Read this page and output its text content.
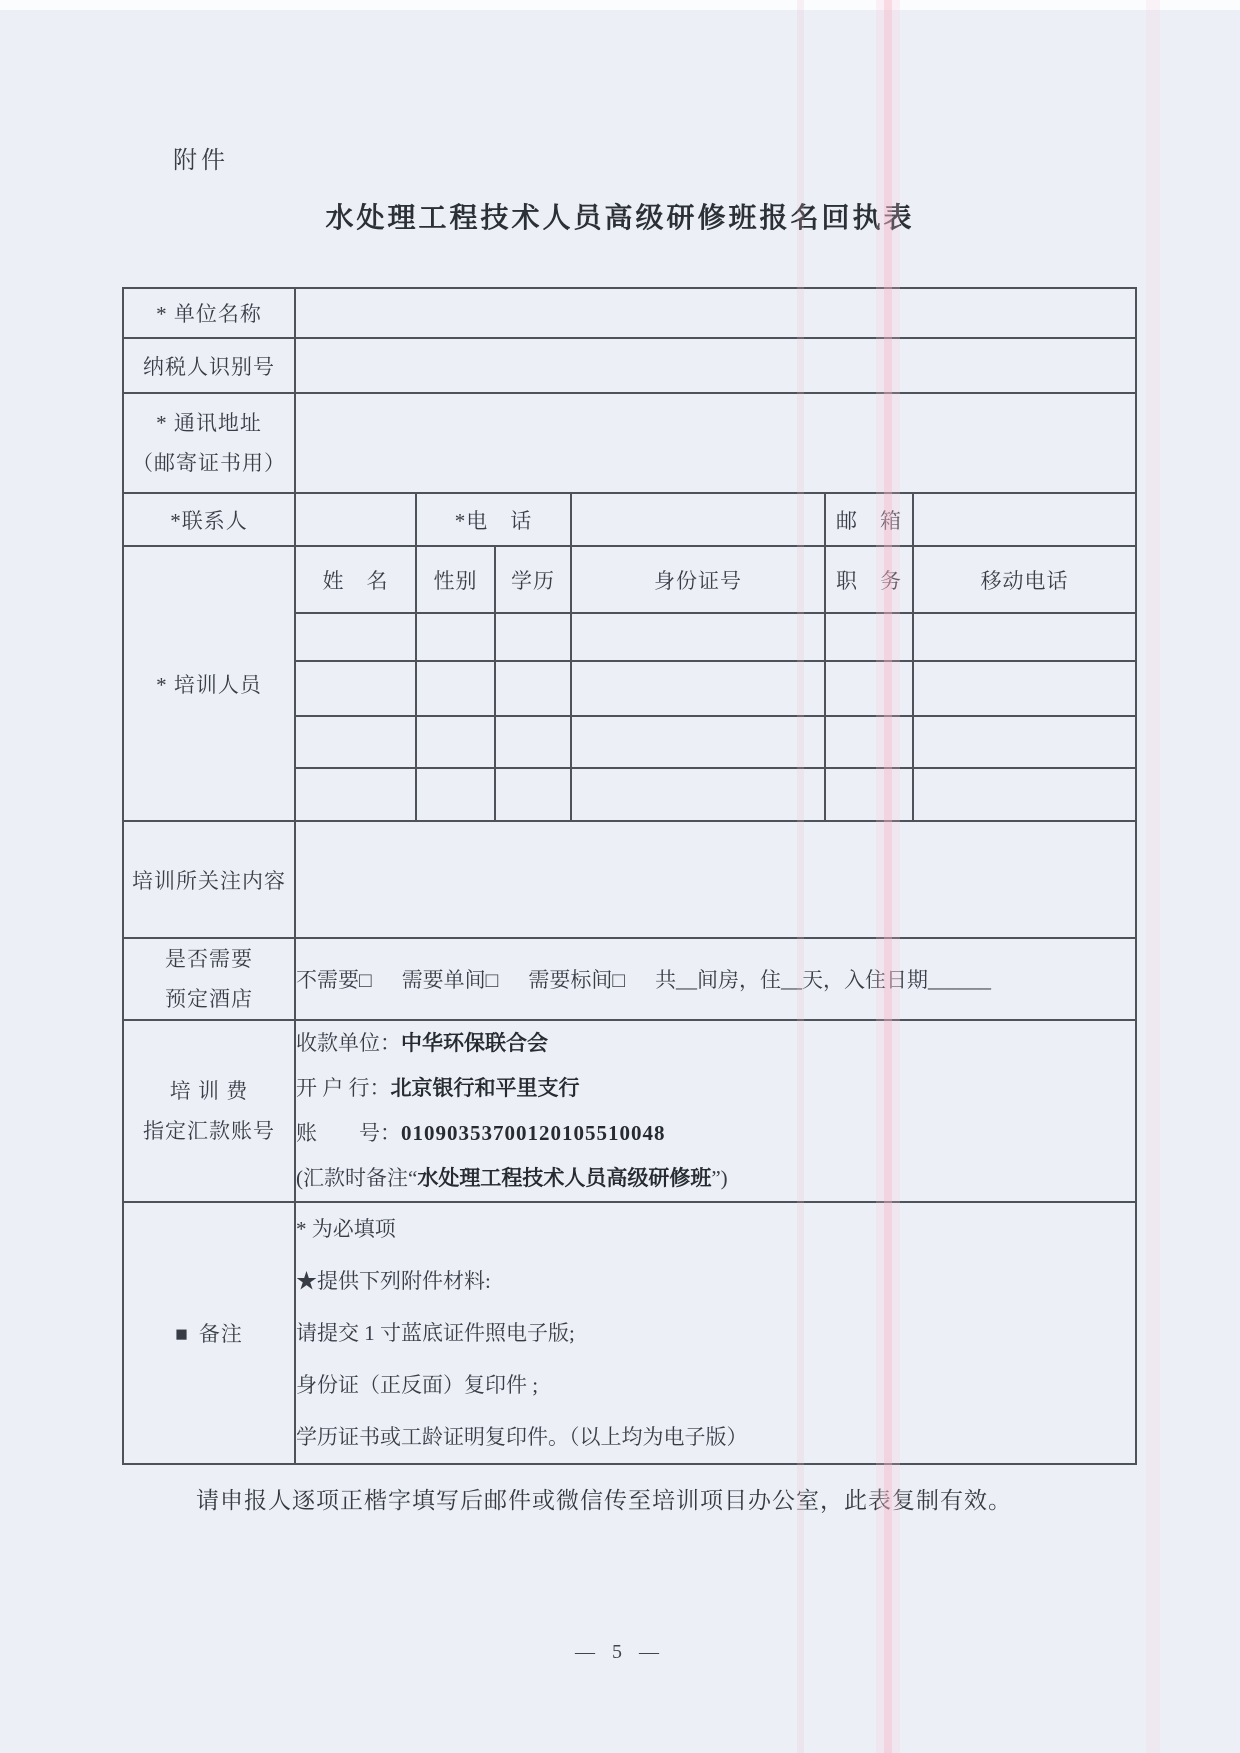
附件
水处理工程技术人员高级研修班报名回执表
* 单位名称						
纳税人识别号						

* 通讯地址
（邮寄证书用）						

*联系人		*电　话			邮　箱	
* 培训人员	姓　名	性别	学历	身份证号	职　务	移动电话

培训所关注内容						

是否需要
预定酒店

不需要□ 需要单间□ 需要标间□ 共__间房，住__天，入住日期______

培 训 费
指定汇款账号

收款单位：中华环保联合会
开 户 行：北京银行和平里支行
账　　号：01090353700120105510048
(汇款时备注“水处理工程技术人员高级研修班”)

■ 备注	* 为必填项
★提供下列附件材料:
请提交 1 寸蓝底证件照电子版;
身份证（正反面）复印件 ;
学历证书或工龄证明复印件。（以上均为电子版）					
请申报人逐项正楷字填写后邮件或微信传至培训项目办公室，此表复制有效。
— 5 —
